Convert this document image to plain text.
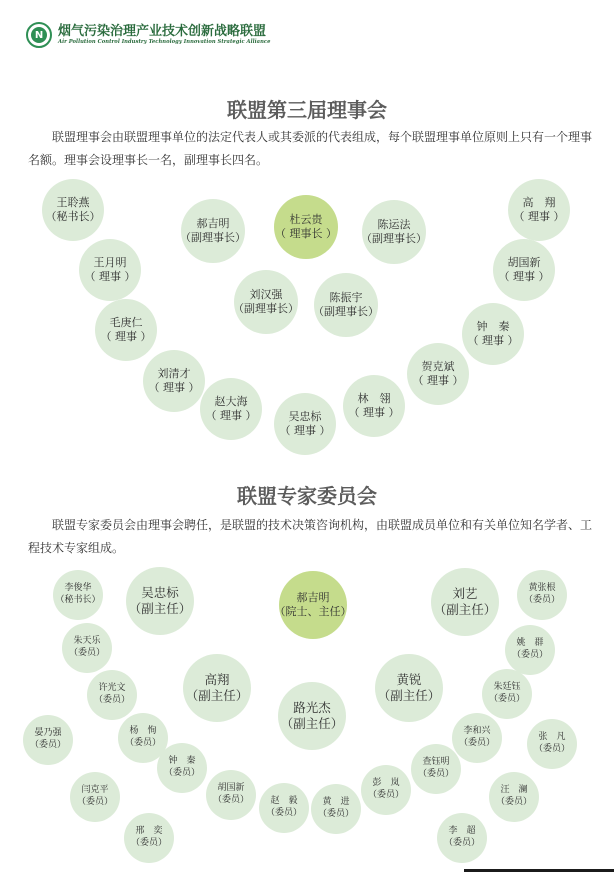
N 烟气污染治理产业技术创新战略联盟
Air Pollution Control Industry Technology Innovation Strategic Alliance
联盟第三届理事会
联盟理事会由联盟理事单位的法定代表人或其委派的代表组成，每个联盟理事单位原则上只有一个理事名额。理事会设理事长一名，副理事长四名。
王聆燕
（秘书长）
王月明
（ 理事 ）
毛庚仁
（ 理事 ）
刘清才
（ 理事 ）
赵大海
（ 理事 ）	吴忠标
（ 理事 ）
林　翎
（ 理事 ）
贺克斌
（ 理事 ）
钟　秦
（ 理事 ）
胡国新
（ 理事 ）
高　翔
（ 理事 ）
郝吉明
（副理事长）
杜云贵
（ 理事长 ）
陈运法
（副理事长）
刘汉强
（副理事长）
陈振宇
（副理事长）
联盟专家委员会
联盟专家委员会由理事会聘任，是联盟的技术决策咨询机构，由联盟成员单位和有关单位知名学者、工程技术专家组成。
郝吉明
（院士、主任）
吴忠标
（副主任）
刘艺
（副主任）
高翔
（副主任）
黄锐
（副主任）
路光杰
（副主任）
李俊华
（秘书长）
朱天乐
（委员）
许光文
（委员）
晏乃强
（委员）
杨　恂
（委员）
钟　秦
（委员）
闫克平
（委员）
胡国新
（委员）
邢　奕
（委员）
赵　毅
（委员）
黄　进
（委员）
彭　岚
（委员）
黄张根
（委员）
姚　群
（委员）
朱廷钰
（委员）
李和兴
（委员）
张　凡
（委员）
查钰明
（委员）
汪　澜
（委员）
李　超
（委员）
